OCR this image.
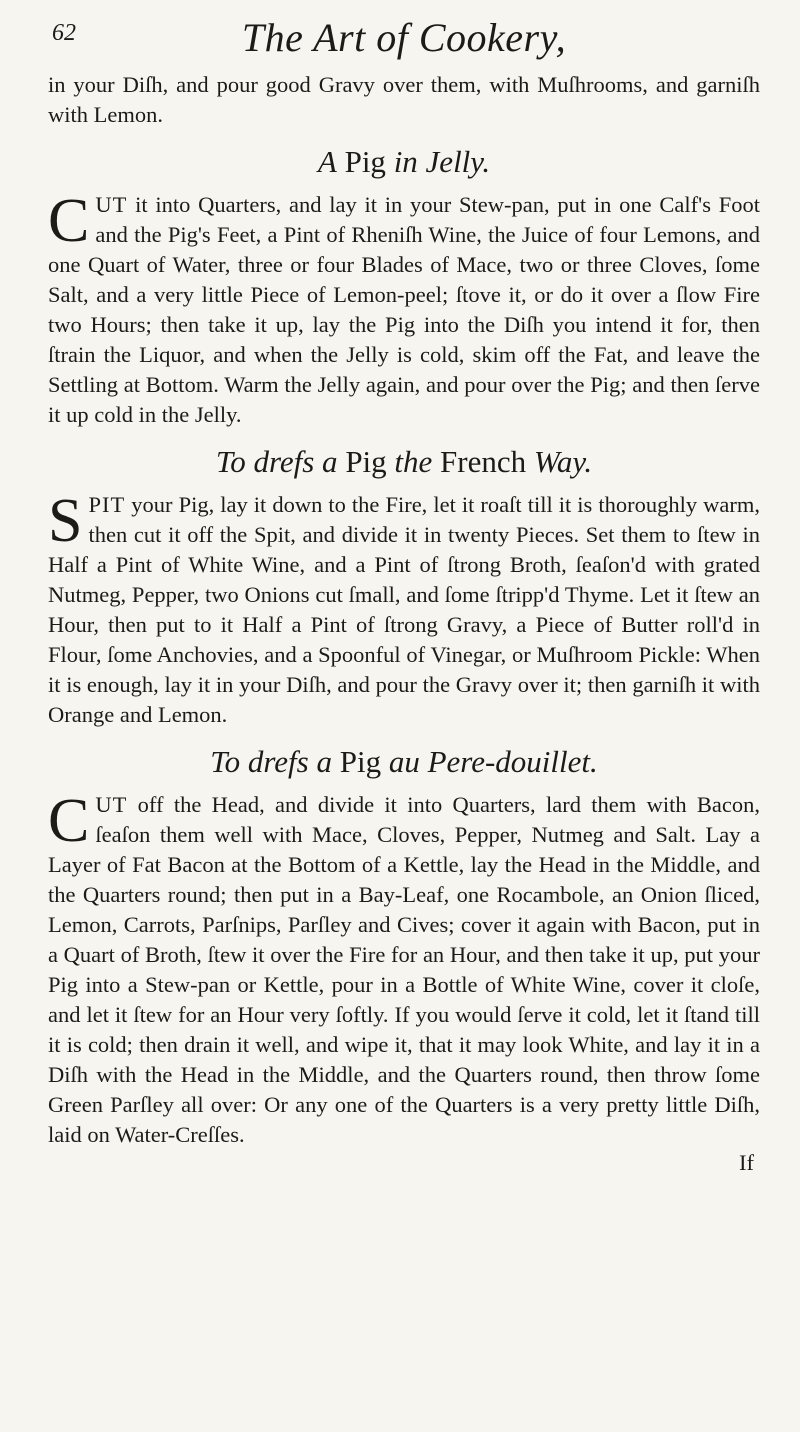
62	The Art of Cookery,

in your Diſh, and pour good Gravy over them, with Muſhrooms, and garniſh with Lemon.

A Pig in Jelly.

CUT it into Quarters, and lay it in your Stew-pan, put in one Calf's Foot and the Pig's Feet, a Pint of Rheniſh Wine, the Juice of four Lemons, and one Quart of Water, three or four Blades of Mace, two or three Cloves, ſome Salt, and a very little Piece of Lemon-peel; ſtove it, or do it over a ſlow Fire two Hours; then take it up, lay the Pig into the Diſh you intend it for, then ſtrain the Liquor, and when the Jelly is cold, skim off the Fat, and leave the Settling at Bottom. Warm the Jelly again, and pour over the Pig; and then ſerve it up cold in the Jelly.

To drefs a Pig the French Way.

SPIT your Pig, lay it down to the Fire, let it roaſt till it is thoroughly warm, then cut it off the Spit, and divide it in twenty Pieces. Set them to ſtew in Half a Pint of White Wine, and a Pint of ſtrong Broth, ſeaſon'd with grated Nutmeg, Pepper, two Onions cut ſmall, and ſome ſtripp'd Thyme. Let it ſtew an Hour, then put to it Half a Pint of ſtrong Gravy, a Piece of Butter roll'd in Flour, ſome Anchovies, and a Spoonful of Vinegar, or Muſhroom Pickle: When it is enough, lay it in your Diſh, and pour the Gravy over it; then garniſh it with Orange and Lemon.

To drefs a Pig au Pere-douillet.

CUT off the Head, and divide it into Quarters, lard them with Bacon, ſeaſon them well with Mace, Cloves, Pepper, Nutmeg and Salt. Lay a Layer of Fat Bacon at the Bottom of a Kettle, lay the Head in the Middle, and the Quarters round; then put in a Bay-Leaf, one Rocambole, an Onion ſliced, Lemon, Carrots, Parſnips, Parſley and Cives; cover it again with Bacon, put in a Quart of Broth, ſtew it over the Fire for an Hour, and then take it up, put your Pig into a Stew-pan or Kettle, pour in a Bottle of White Wine, cover it cloſe, and let it ſtew for an Hour very ſoftly. If you would ſerve it cold, let it ſtand till it is cold; then drain it well, and wipe it, that it may look White, and lay it in a Diſh with the Head in the Middle, and the Quarters round, then throw ſome Green Parſley all over: Or any one of the Quarters is a very pretty little Diſh, laid on Water-Creſſes.

If
